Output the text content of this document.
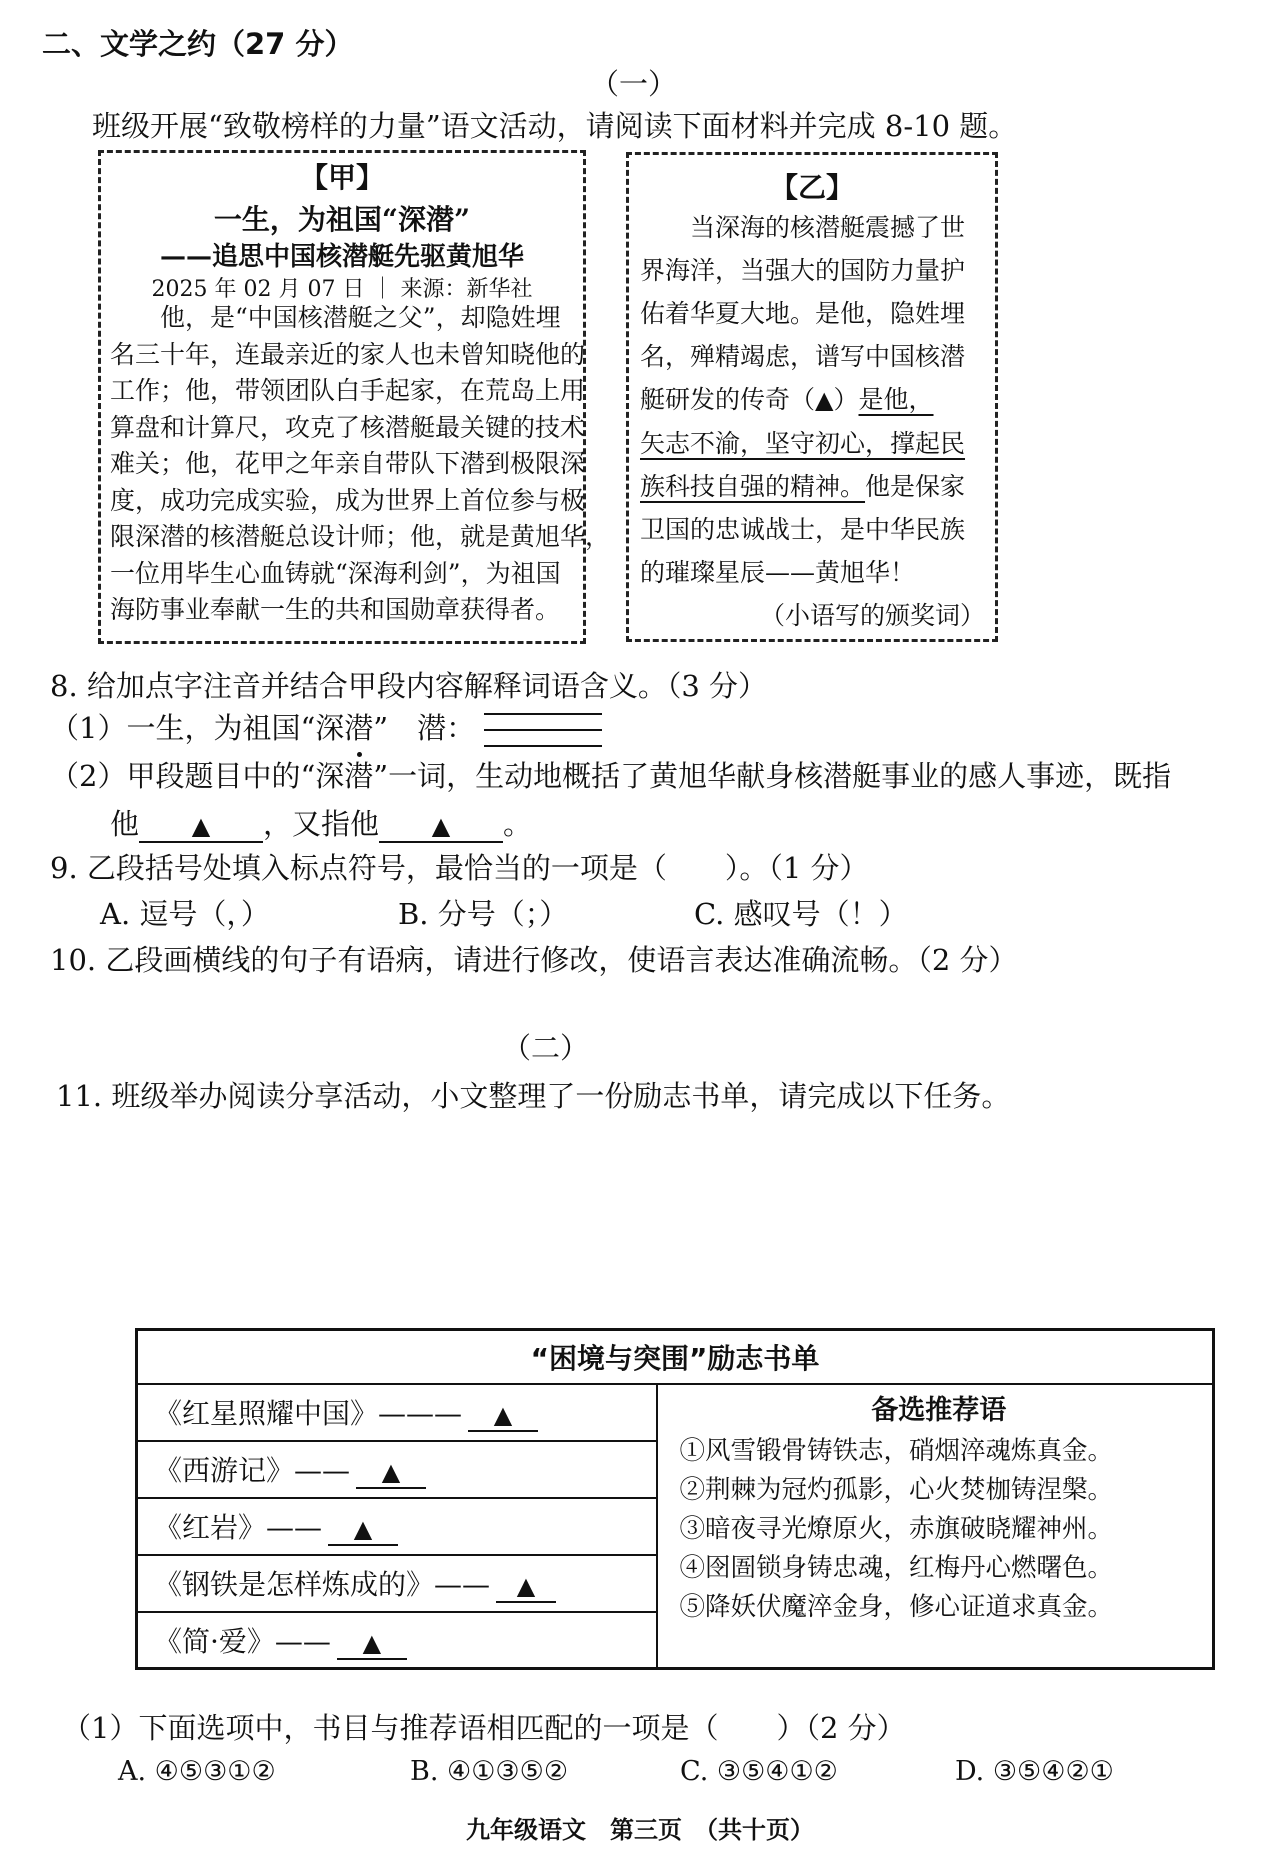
二、文学之约（27 分）
（一）
班级开展“致敬榜样的力量”语文活动，请阅读下面材料并完成 8-10 题。
【甲】
一生，为祖国“深潜”
——追思中国核潜艇先驱黄旭华
2025 年 02 月 07 日 ｜ 来源：新华社
　　他，是“中国核潜艇之父”，却隐姓埋
名三十年，连最亲近的家人也未曾知晓他的
工作；他，带领团队白手起家，在荒岛上用
算盘和计算尺，攻克了核潜艇最关键的技术
难关；他，花甲之年亲自带队下潜到极限深
度，成功完成实验，成为世界上首位参与极
限深潜的核潜艇总设计师；他，就是黄旭华，
一位用毕生心血铸就“深海利剑”，为祖国
海防事业奉献一生的共和国勋章获得者。
【乙】
　　当深海的核潜艇震撼了世
界海洋，当强大的国防力量护
佑着华夏大地。是他，隐姓埋
名，殚精竭虑，谱写中国核潜
艇研发的传奇（▲）是他，
矢志不渝，坚守初心，撑起民
族科技自强的精神。他是保家
卫国的忠诚战士，是中华民族
的璀璨星辰——黄旭华！
（小语写的颁奖词）
8. 给加点字注音并结合甲段内容解释词语含义。（3 分）
（1）一生，为祖国“深潜”　潜：
（2）甲段题目中的“深潜”一词，生动地概括了黄旭华献身核潜艇事业的感人事迹，既指
他 ▲ ，又指他 ▲ 。
9. 乙段括号处填入标点符号，最恰当的一项是（　　）。（1 分）
A. 逗号（，）	B. 分号（；）	C. 感叹号（！）
10. 乙段画横线的句子有语病，请进行修改，使语言表达准确流畅。（2 分）
（二）
11. 班级举办阅读分享活动，小文整理了一份励志书单，请完成以下任务。
“困境与突围”励志书单
《红星照耀中国》——— ▲	备选推荐语
①风雪锻骨铸铁志，硝烟淬魂炼真金。
②荆棘为冠灼孤影，心火焚枷铸涅槃。
③暗夜寻光燎原火，赤旗破晓耀神州。
④囹圄锁身铸忠魂，红梅丹心燃曙色。
⑤降妖伏魔淬金身，修心证道求真金。

《西游记》—— ▲
《红岩》—— ▲
《钢铁是怎样炼成的》—— ▲
《简·爱》—— ▲
（1）下面选项中，书目与推荐语相匹配的一项是（　　）（2 分）
A. ④⑤③①②	B. ④①③⑤②	C. ③⑤④①②	D. ③⑤④②①
九年级语文　第三页　（共十页）
